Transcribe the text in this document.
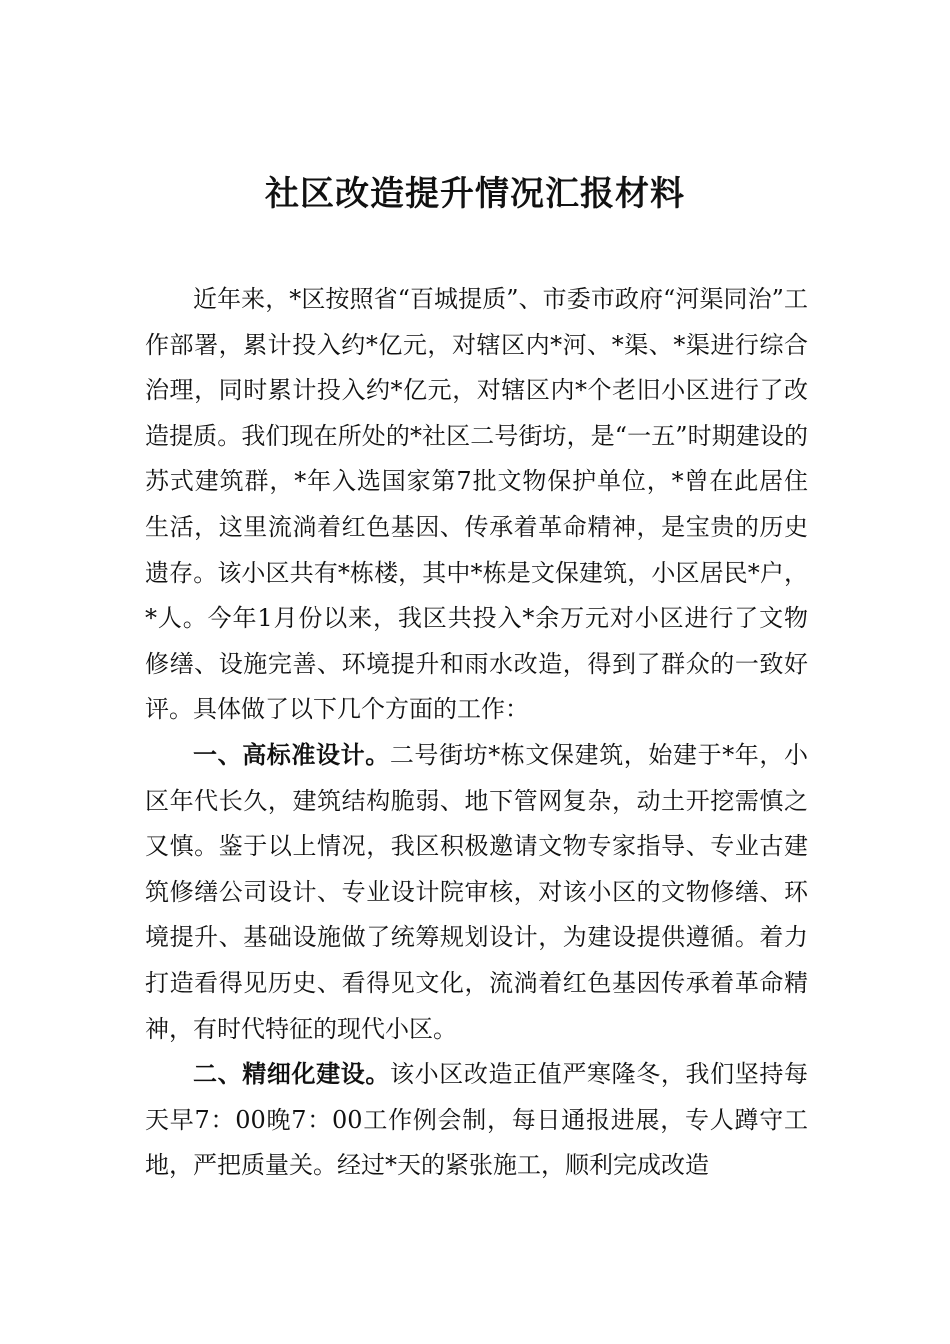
社区改造提升情况汇报材料

近年来，*区按照省“百城提质”、市委市政府“河渠同治”工作部署，累计投入约*亿元，对辖区内*河、*渠、*渠进行综合治理，同时累计投入约*亿元，对辖区内*个老旧小区进行了改造提质。我们现在所处的*社区二号街坊，是“一五”时期建设的苏式建筑群，*年入选国家第7批文物保护单位，*曾在此居住生活，这里流淌着红色基因、传承着革命精神，是宝贵的历史遗存。该小区共有*栋楼，其中*栋是文保建筑，小区居民*户，*人。今年1月份以来，我区共投入*余万元对小区进行了文物修缮、设施完善、环境提升和雨水改造，得到了群众的一致好评。具体做了以下几个方面的工作：

一、高标准设计。二号街坊*栋文保建筑，始建于*年，小区年代长久，建筑结构脆弱、地下管网复杂，动土开挖需慎之又慎。鉴于以上情况，我区积极邀请文物专家指导、专业古建筑修缮公司设计、专业设计院审核，对该小区的文物修缮、环境提升、基础设施做了统筹规划设计，为建设提供遵循。着力打造看得见历史、看得见文化，流淌着红色基因传承着革命精神，有时代特征的现代小区。

二、精细化建设。该小区改造正值严寒隆冬，我们坚持每天早7：00晚7：00工作例会制，每日通报进展，专人蹲守工地，严把质量关。经过*天的紧张施工，顺利完成改造
